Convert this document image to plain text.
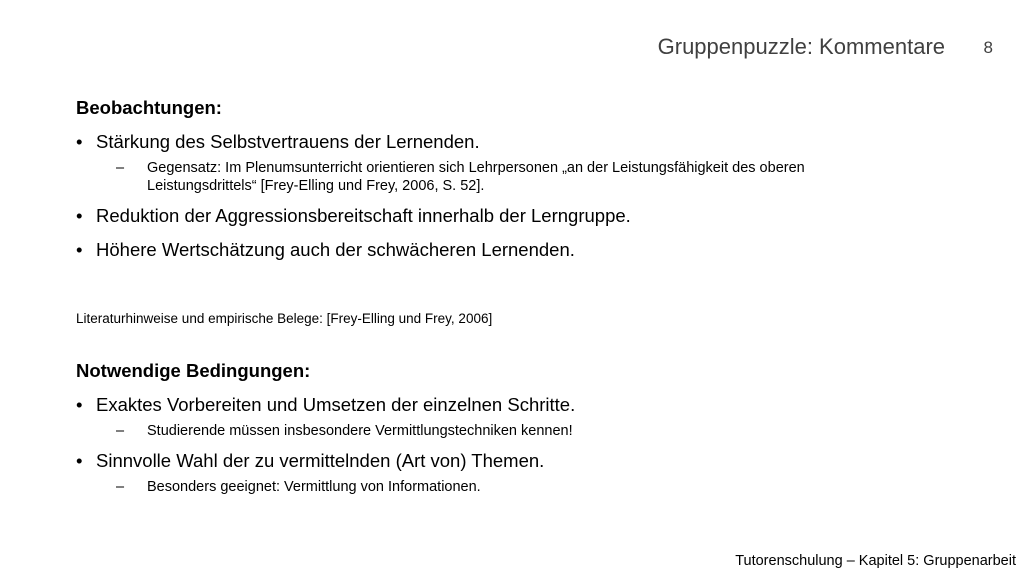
Gruppenpuzzle: Kommentare 8
Beobachtungen:
• Stärkung des Selbstvertrauens der Lernenden.
– Gegensatz: Im Plenumsunterricht orientieren sich Lehrpersonen „an der Leistungsfähigkeit des oberen Leistungsdrittels“ [Frey-Elling und Frey, 2006, S. 52].
• Reduktion der Aggressionsbereitschaft innerhalb der Lerngruppe.
• Höhere Wertschätzung auch der schwächeren Lernenden.
Literaturhinweise und empirische Belege: [Frey-Elling und Frey, 2006]
Notwendige Bedingungen:
• Exaktes Vorbereiten und Umsetzen der einzelnen Schritte.
– Studierende müssen insbesondere Vermittlungstechniken kennen!
• Sinnvolle Wahl der zu vermittelnden (Art von) Themen.
– Besonders geeignet: Vermittlung von Informationen.
Tutorenschulung – Kapitel 5: Gruppenarbeit
